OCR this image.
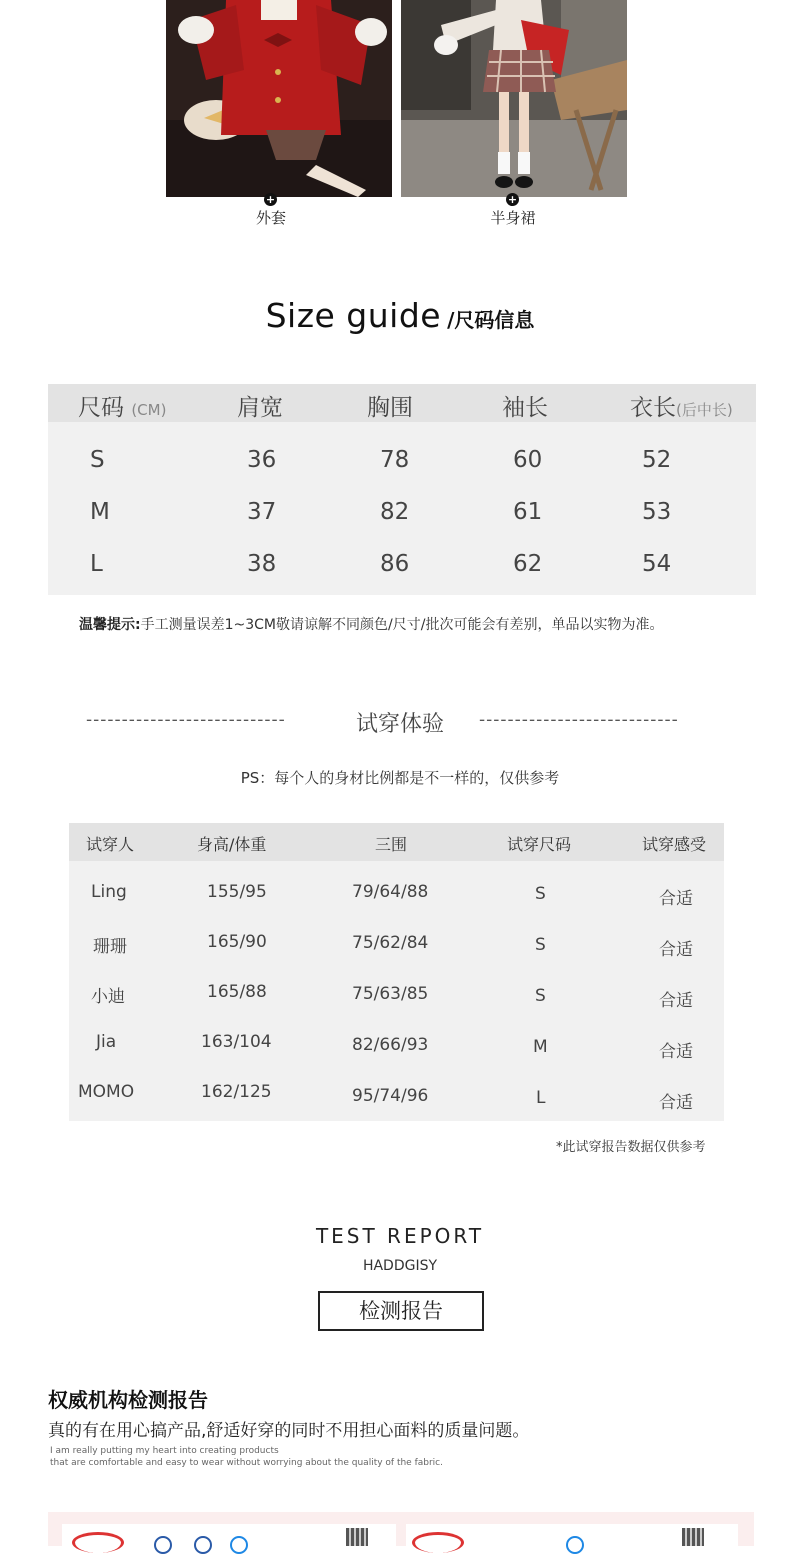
+
外套
+
半身裙
Size guide /尺码信息
尺码 (CM)	肩宽	胸围	袖长	衣长(后中长)
S	36	78	60	52
M	37	82	61	53
L	38	86	62	54
温馨提示:手工测量误差1~3CM敬请谅解不同颜色/尺寸/批次可能会有差别，单品以实物为准。
----------------------------	试穿体验	----------------------------
PS：每个人的身材比例都是不一样的，仅供参考
试穿人	身高/体重	三围	试穿尺码	试穿感受
Ling	155/95	79/64/88	S	合适
珊珊	165/90	75/62/84	S	合适
小迪	165/88	75/63/85	S	合适
Jia	163/104	82/66/93	M	合适
MOMO	162/125	95/74/96	L	合适
*此试穿报告数据仅供参考
TEST REPORT
HADDGISY
检测报告
权威机构检测报告
真的有在用心搞产品,舒适好穿的同时不用担心面料的质量问题。
I am really putting my heart into creating products
that are comfortable and easy to wear without worrying about the quality of the fabric.
